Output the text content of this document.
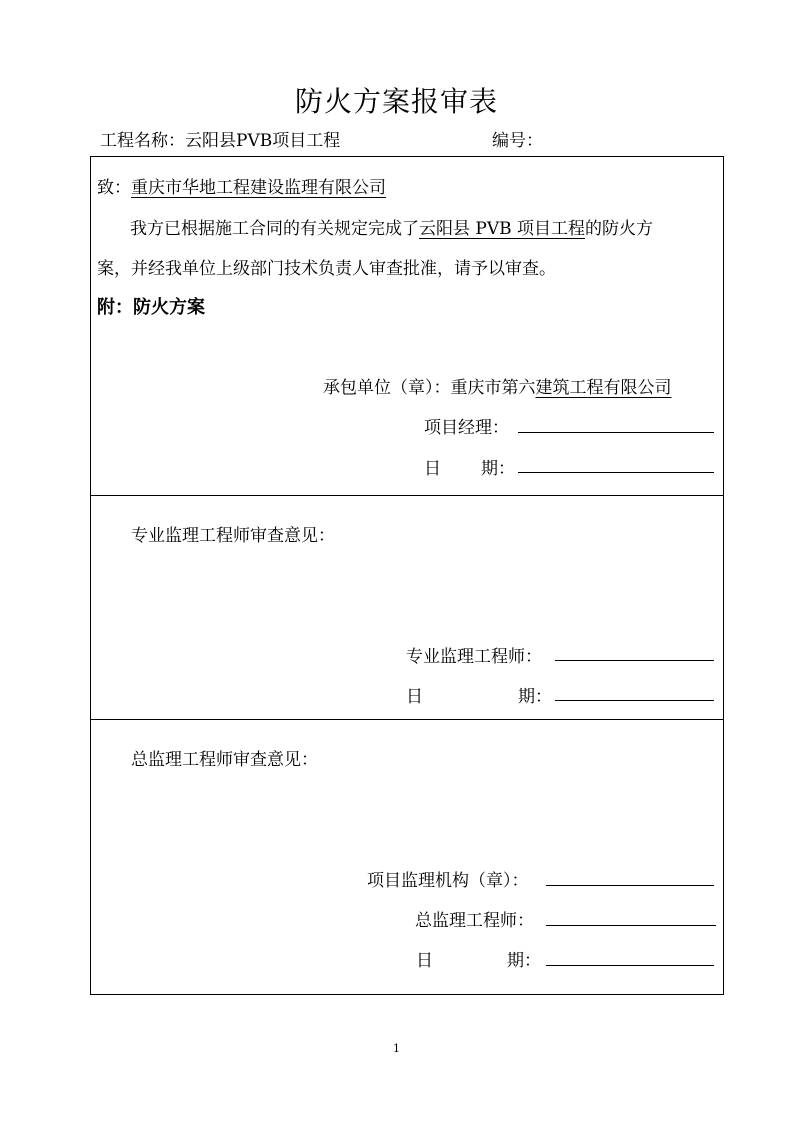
防火方案报审表
工程名称：云阳县PVB项目工程	编号：
致：重庆市华地工程建设监理有限公司
我方已根据施工合同的有关规定完成了云阳县 PVB 项目工程的防火方
案，并经我单位上级部门技术负责人审查批准，请予以审查。
附：防火方案
承包单位（章）：重庆市第六建筑工程有限公司
项目经理：
日 期：
专业监理工程师审查意见：
专业监理工程师：
日	期：
总监理工程师审查意见：
项目监理机构（章）：
总监理工程师：
日	期：
1
